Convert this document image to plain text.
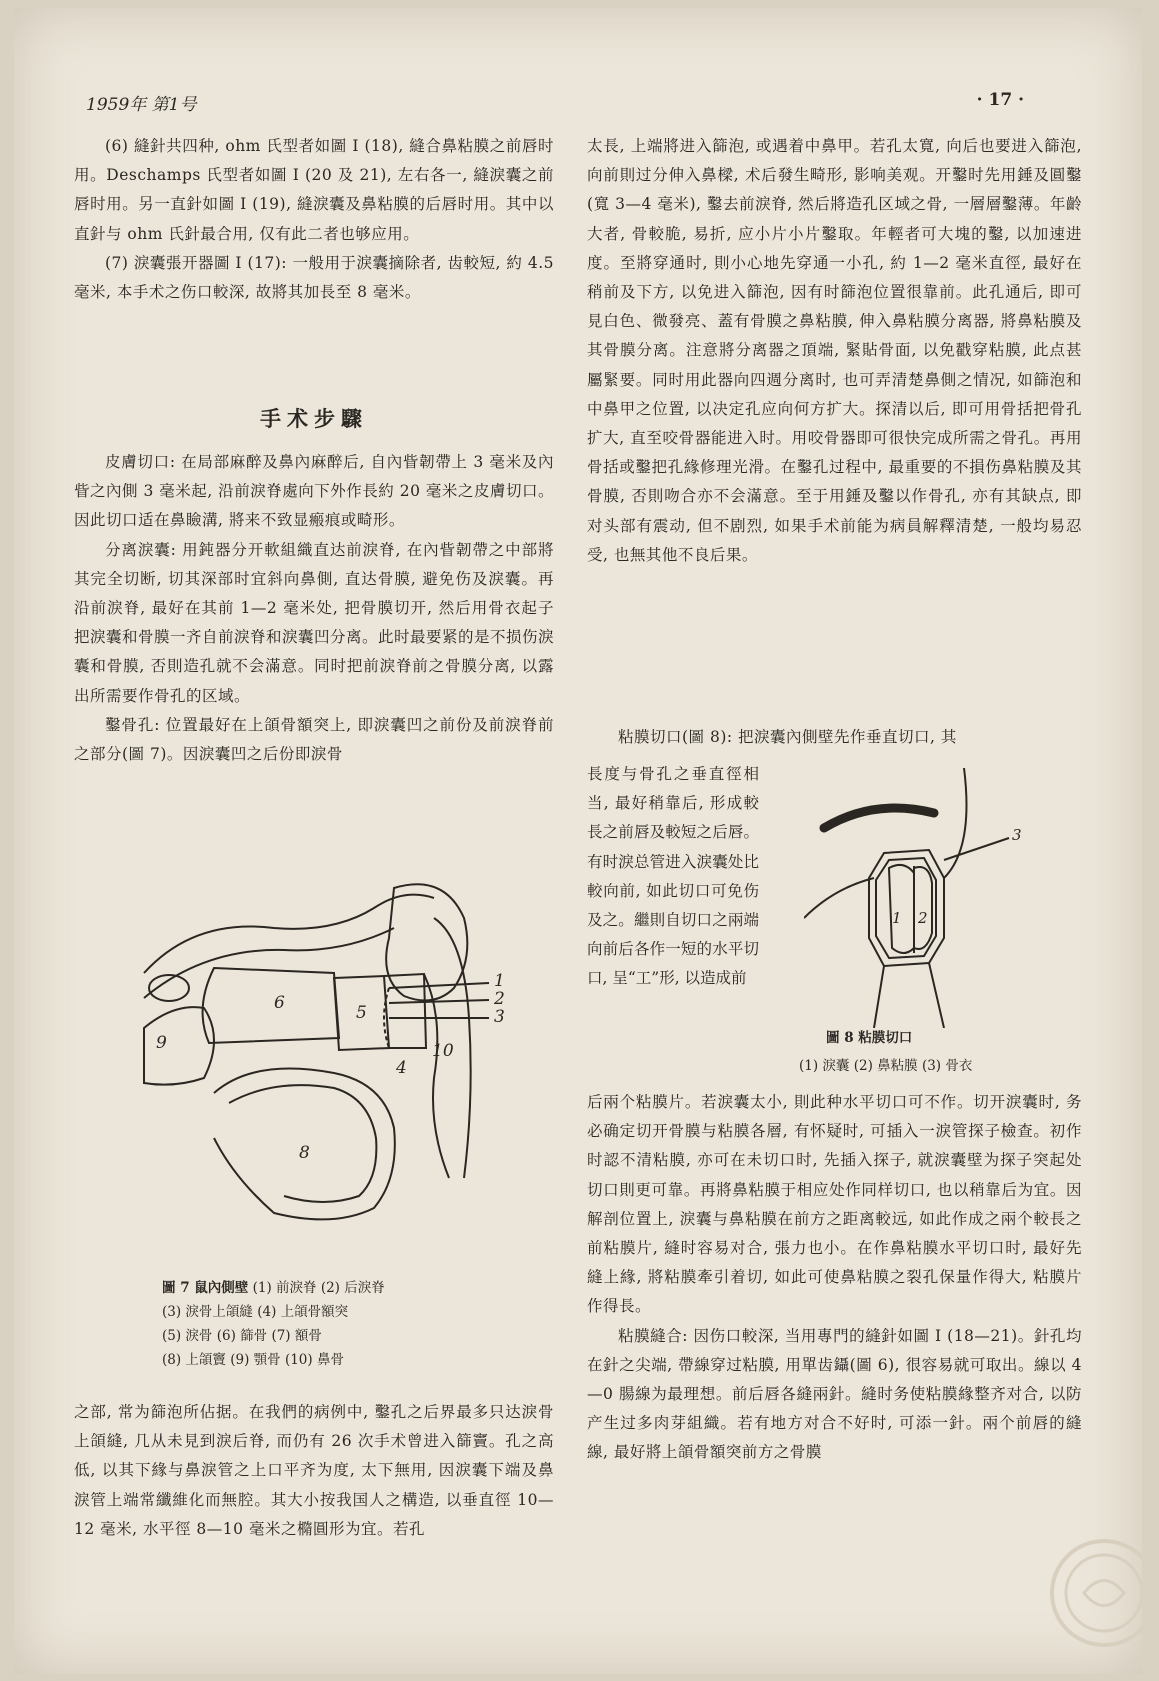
1959年 第1号	· 17 ·

(6) 縫針共四种, ohm 氏型者如圖 I (18), 縫合鼻粘膜之前唇时用。Deschamps 氏型者如圖 I (20 及 21), 左右各一, 縫淚囊之前唇时用。另一直針如圖 I (19), 縫淚囊及鼻粘膜的后唇时用。其中以直針与 ohm 氏針最合用, 仅有此二者也够应用。

(7) 淚囊張开器圖 I (17): 一般用于淚囊摘除者, 齿較短, 約 4.5 毫米, 本手术之伤口較深, 故將其加長至 8 毫米。

手术步驟

皮膚切口: 在局部麻醉及鼻內麻醉后, 自內眥韌帶上 3 毫米及內眥之內側 3 毫米起, 沿前淚脊處向下外作長約 20 毫米之皮膚切口。因此切口适在鼻瞼溝, 將来不致显瘢痕或畸形。

分离淚囊: 用鈍器分开軟組織直达前淚脊, 在內眥韌帶之中部將其完全切断, 切其深部时宜斜向鼻側, 直达骨膜, 避免伤及淚囊。再沿前淚脊, 最好在其前 1—2 毫米处, 把骨膜切开, 然后用骨衣起子把淚囊和骨膜一齐自前淚脊和淚囊凹分离。此时最要紧的是不损伤淚囊和骨膜, 否則造孔就不会滿意。同时把前淚脊前之骨膜分离, 以露出所需要作骨孔的区域。

鑿骨孔: 位置最好在上頜骨額突上, 即淚囊凹之前份及前淚脊前之部分(圖 7)。因淚囊凹之后份即淚骨

1
2
3
4
5
6
8
9	10
圖 7 鼠內側壁 (1) 前淚脊 (2) 后淚脊
(3) 淚骨上頜縫 (4) 上頜骨額突
(5) 淚骨 (6) 篩骨 (7) 額骨
(8) 上頜竇 (9) 顎骨 (10) 鼻骨

之部, 常为篩泡所佔据。在我們的病例中, 鑿孔之后界最多只达淚骨上頜縫, 几从未見到淚后脊, 而仍有 26 次手术曾进入篩竇。孔之高低, 以其下緣与鼻淚管之上口平齐为度, 太下無用, 因淚囊下端及鼻淚管上端常纖維化而無腔。其大小按我国人之構造, 以垂直徑 10—12 毫米, 水平徑 8—10 毫米之橢圓形为宜。若孔

太長, 上端將进入篩泡, 或遇着中鼻甲。若孔太寬, 向后也要进入篩泡, 向前則过分伸入鼻樑, 术后發生畸形, 影响美观。开鑿时先用錘及圓鑿(寬 3—4 毫米), 鑿去前淚脊, 然后將造孔区域之骨, 一層層鑿薄。年齡大者, 骨較脆, 易折, 应小片小片鑿取。年輕者可大塊的鑿, 以加速进度。至將穿通时, 則小心地先穿通一小孔, 約 1—2 毫米直徑, 最好在稍前及下方, 以免进入篩泡, 因有时篩泡位置很靠前。此孔通后, 即可見白色、微發亮、蓋有骨膜之鼻粘膜, 伸入鼻粘膜分离器, 將鼻粘膜及其骨膜分离。注意將分离器之頂端, 緊貼骨面, 以免戳穿粘膜, 此点甚屬緊要。同时用此器向四週分离时, 也可弄清楚鼻側之情况, 如篩泡和中鼻甲之位置, 以决定孔应向何方扩大。探清以后, 即可用骨括把骨孔扩大, 直至咬骨器能进入时。用咬骨器即可很快完成所需之骨孔。再用骨括或鑿把孔緣修理光滑。在鑿孔过程中, 最重要的不損伤鼻粘膜及其骨膜, 否則吻合亦不会滿意。至于用錘及鑿以作骨孔, 亦有其缺点, 即对头部有震动, 但不剧烈, 如果手术前能为病員解釋清楚, 一般均易忍受, 也無其他不良后果。

粘膜切口(圖 8): 把淚囊內側壁先作垂直切口, 其

長度与骨孔之垂直徑相当, 最好稍靠后, 形成較長之前唇及較短之后唇。有时淚总管进入淚囊处比較向前, 如此切口可免伤及之。繼則自切口之兩端向前后各作一短的水平切口, 呈“工”形, 以造成前
1 2
3
圖 8 粘膜切口
(1) 淚囊 (2) 鼻粘膜 (3) 骨衣

后兩个粘膜片。若淚囊太小, 則此种水平切口可不作。切开淚囊时, 务必确定切开骨膜与粘膜各層, 有怀疑时, 可插入一淚管探子檢查。初作时認不清粘膜, 亦可在未切口时, 先插入探子, 就淚囊壁为探子突起处切口則更可靠。再將鼻粘膜于相应处作同样切口, 也以稍靠后为宜。因解剖位置上, 淚囊与鼻粘膜在前方之距离較远, 如此作成之兩个較長之前粘膜片, 縫时容易对合, 張力也小。在作鼻粘膜水平切口时, 最好先縫上緣, 將粘膜牽引着切, 如此可使鼻粘膜之裂孔保量作得大, 粘膜片作得長。

粘膜縫合: 因伤口較深, 当用專門的縫針如圖 I (18—21)。針孔均在針之尖端, 帶線穿过粘膜, 用單齿鑷(圖 6), 很容易就可取出。線以 4—0 腸線为最理想。前后唇各縫兩針。縫时务使粘膜緣整齐对合, 以防产生过多肉芽組織。若有地方对合不好时, 可添一針。兩个前唇的縫線, 最好將上頜骨額突前方之骨膜
